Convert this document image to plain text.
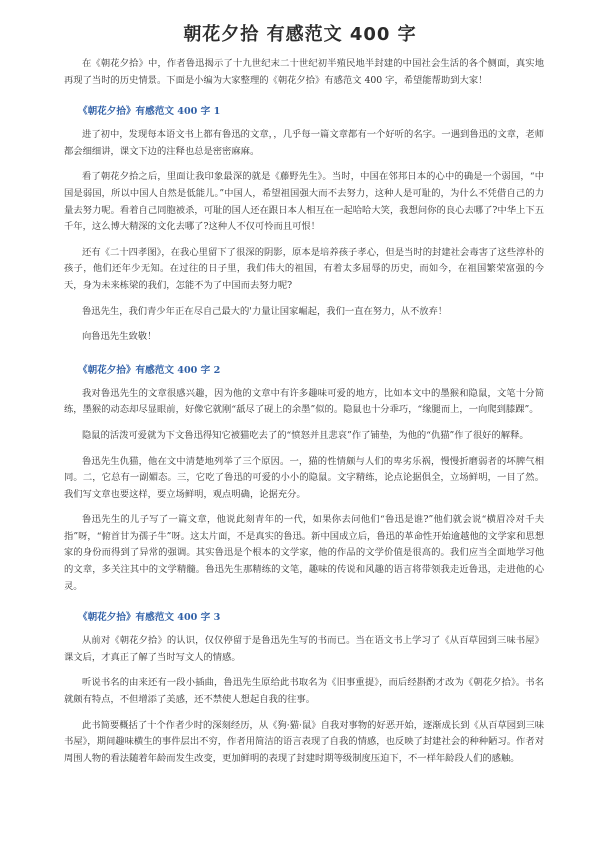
朝花夕拾 有感范文 400 字

在《朝花夕拾》中，作者鲁迅揭示了十九世纪末二十世纪初半殖民地半封建的中国社会生活的各个侧面，真实地再现了当时的历史情景。下面是小编为大家整理的《朝花夕拾》有感范文 400 字，希望能帮助到大家！

《朝花夕拾》有感范文 400 字 1

进了初中，发现每本语文书上都有鲁迅的文章，，几乎每一篇文章都有一个好听的名字。一遇到鲁迅的文章，老师都会细细讲，课文下边的注释也总是密密麻麻。

看了朝花夕拾之后，里面让我印象最深的就是《藤野先生》。当时，中国在邻邦日本的心中的确是一个弱国，“中国是弱国，所以中国人自然是低能儿。”中国人，希望祖国强大而不去努力，这种人是可耻的，为什么不凭借自己的力量去努力呢。看着自己同胞被杀，可耻的国人还在跟日本人相互在一起哈哈大笑，我想问你的良心去哪了?中华上下五千年，这么博大精深的文化去哪了?这种人不仅可怜而且可恨！

还有《二十四孝图》，在我心里留下了很深的阴影，原本是培养孩子孝心，但是当时的封建社会毒害了这些淳朴的孩子，他们还年少无知。在过往的日子里，我们伟大的祖国，有着太多屈辱的历史，而如今，在祖国繁荣富强的今天，身为未来栋梁的我们，怎能不为了中国而去努力呢?

鲁迅先生，我们青少年正在尽自己最大的'力量让国家崛起，我们一直在努力，从不放弃！

向鲁迅先生致敬！

《朝花夕拾》有感范文 400 字 2

我对鲁迅先生的文章很感兴趣，因为他的文章中有许多趣味可爱的地方，比如本文中的墨猴和隐鼠，文笔十分简练，墨猴的动态却尽显眼前，好像它就刚“舐尽了砚上的余墨”似的。隐鼠也十分乖巧，“缘腿而上，一向爬到膝踝”。

隐鼠的活泼可爱就为下文鲁迅得知它被猫吃去了的“愤怒并且悲哀”作了铺垫，为他的“仇猫”作了很好的解释。

鲁迅先生仇猫，他在文中清楚地列举了三个原因。一，猫的性情颇与人们的卑劣乐祸，慢慢折磨弱者的坏脾气相同。二，它总有一副媚态。三，它吃了鲁迅的可爱的小小的隐鼠。文字精练，论点论据俱全，立场鲜明，一目了然。我们写文章也要这样，要立场鲜明，观点明确，论据充分。

鲁迅先生的儿子写了一篇文章，他说此刻青年的一代，如果你去问他们“鲁迅是谁?”他们就会说“横眉冷对千夫指”呀，“俯首甘为孺子牛”呀。这太片面，不是真实的鲁迅。新中国成立后，鲁迅的革命性开始逾越他的文学家和思想家的身份而得到了异常的强调。其实鲁迅是个根本的文学家，他的作品的文学价值是很高的。我们应当全面地学习他的文章，多关注其中的文学精髓。鲁迅先生那精练的文笔，趣味的传说和风趣的语言将带领我走近鲁迅，走进他的心灵。

《朝花夕拾》有感范文 400 字 3

从前对《朝花夕拾》的认识，仅仅停留于是鲁迅先生写的书而已。当在语文书上学习了《从百草园到三味书屋》课文后，才真正了解了当时写文人的情感。

听说书名的由来还有一段小插曲，鲁迅先生原给此书取名为《旧事重提》，而后经斟酌才改为《朝花夕拾》。书名就颇有特点，不但增添了美感，还不禁使人想起自我的往事。

此书简要概括了十个作者少时的深刻经历，从《狗·猫·鼠》自我对事物的好恶开始，逐渐成长到《从百草园到三味书屋》，期间趣味横生的事件层出不穷，作者用简洁的语言表现了自我的情感，也反映了封建社会的种种陋习。作者对周围人物的看法随着年龄而发生改变，更加鲜明的表现了封建时期等级制度压迫下，不一样年龄段人们的感触。
